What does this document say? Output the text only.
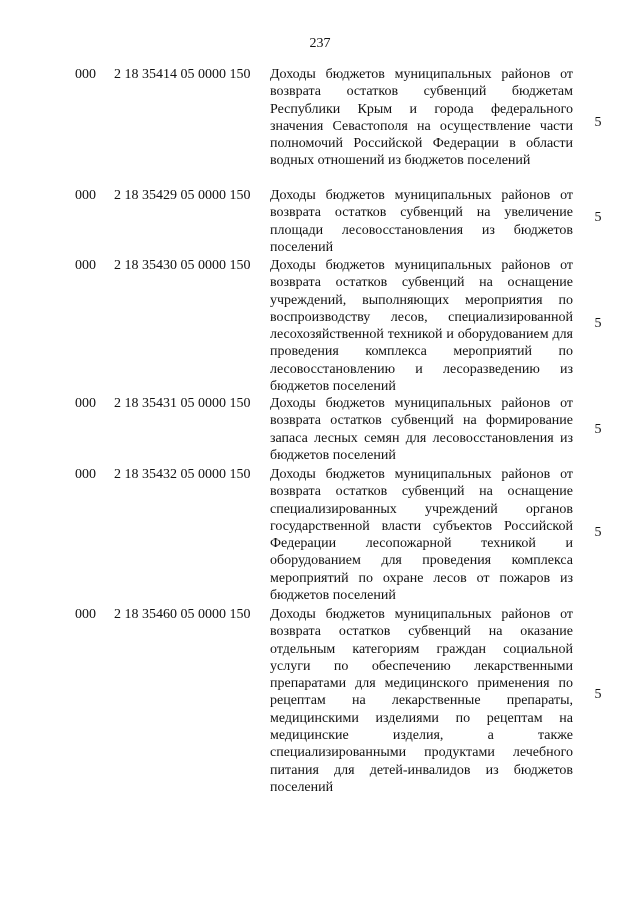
237
000	2 18 35414 05 0000 150 Доходы бюджетов муниципальных районов от возврата остатков субвенций бюджетам Республики Крым и города федерального значения Севастополя на осуществление части полномочий Российской Федерации в области водных отношений из бюджетов поселений
5
000	2 18 35429 05 0000 150 Доходы бюджетов муниципальных районов от возврата остатков субвенций на увеличение площади лесовосстановления из бюджетов поселений
5
000	2 18 35430 05 0000 150 Доходы бюджетов муниципальных районов от возврата остатков субвенций на оснащение учреждений, выполняющих мероприятия по воспроизводству лесов, специализированной лесохозяйственной техникой и оборудованием для проведения комплекса мероприятий по лесовосстановлению и лесоразведению из бюджетов поселений
5
000	2 18 35431 05 0000 150 Доходы бюджетов муниципальных районов от возврата остатков субвенций на формирование запаса лесных семян для лесовосстановления из бюджетов поселений
5
000	2 18 35432 05 0000 150 Доходы бюджетов муниципальных районов от возврата остатков субвенций на оснащение специализированных учреждений органов государственной власти субъектов Российской Федерации лесопожарной техникой и оборудованием для проведения комплекса мероприятий по охране лесов от пожаров из бюджетов поселений
5
000	2 18 35460 05 0000 150 Доходы бюджетов муниципальных районов от возврата остатков субвенций на оказание отдельным категориям граждан социальной услуги по обеспечению лекарственными препаратами для медицинского применения по рецептам на лекарственные препараты, медицинскими изделиями по рецептам на медицинские изделия, а также специализированными продуктами лечебного питания для детей-инвалидов из бюджетов поселений
5
